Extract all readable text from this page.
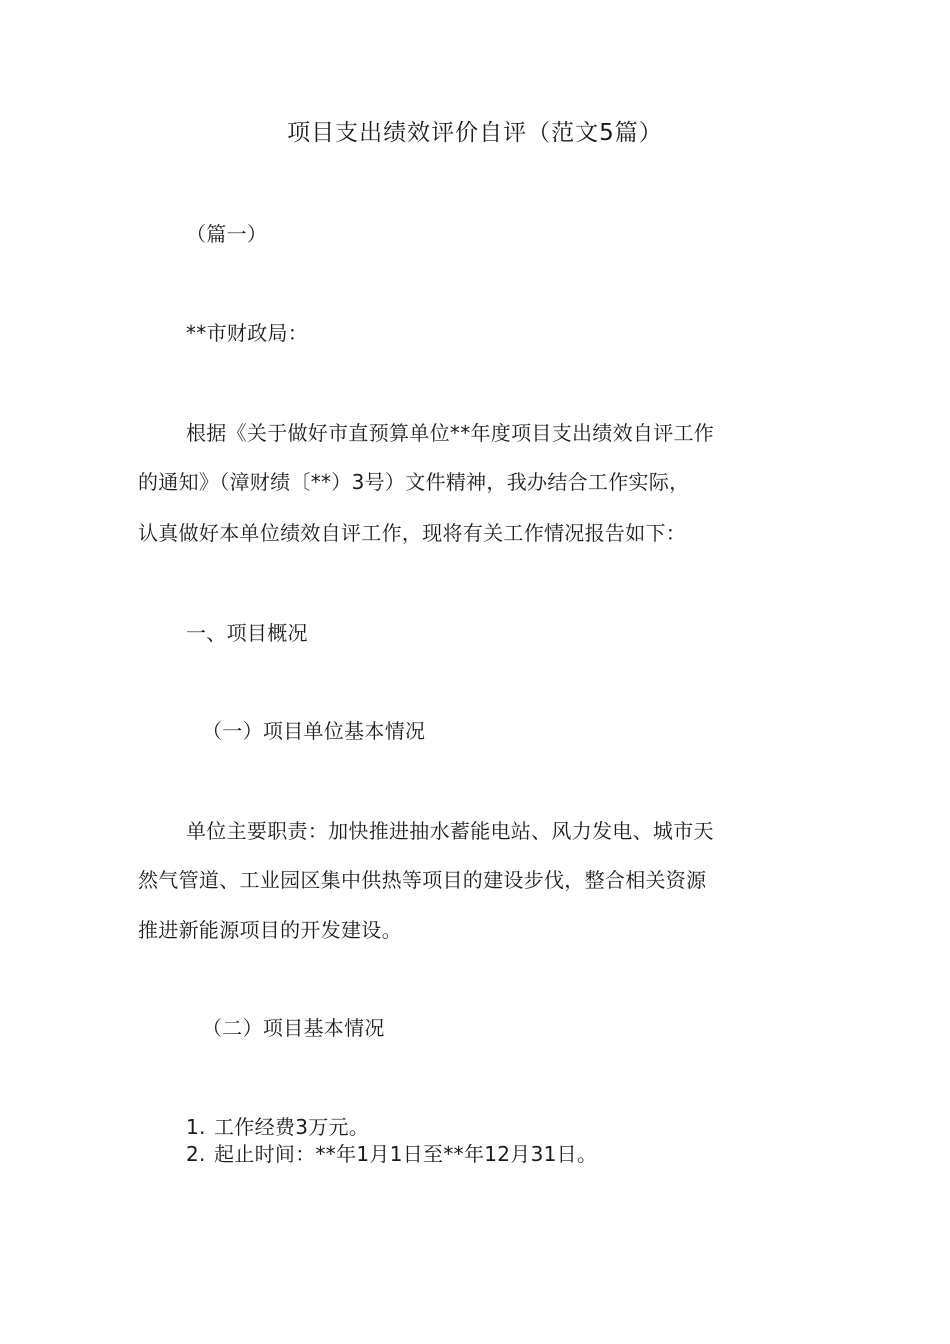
项目支出绩效评价自评（范文5篇）
（篇一）
**市财政局：
根据《关于做好市直预算单位**年度项目支出绩效自评工作
的通知》（漳财绩〔**）3号）文件精神，我办结合工作实际，
认真做好本单位绩效自评工作，现将有关工作情况报告如下：
一、项目概况
（一）项目单位基本情况
单位主要职责：加快推进抽水蓄能电站、风力发电、城市天
然气管道、工业园区集中供热等项目的建设步伐，整合相关资源
推进新能源项目的开发建设。
（二）项目基本情况
1. 工作经费3万元。
2. 起止时间：**年1月1日至**年12月31日。
